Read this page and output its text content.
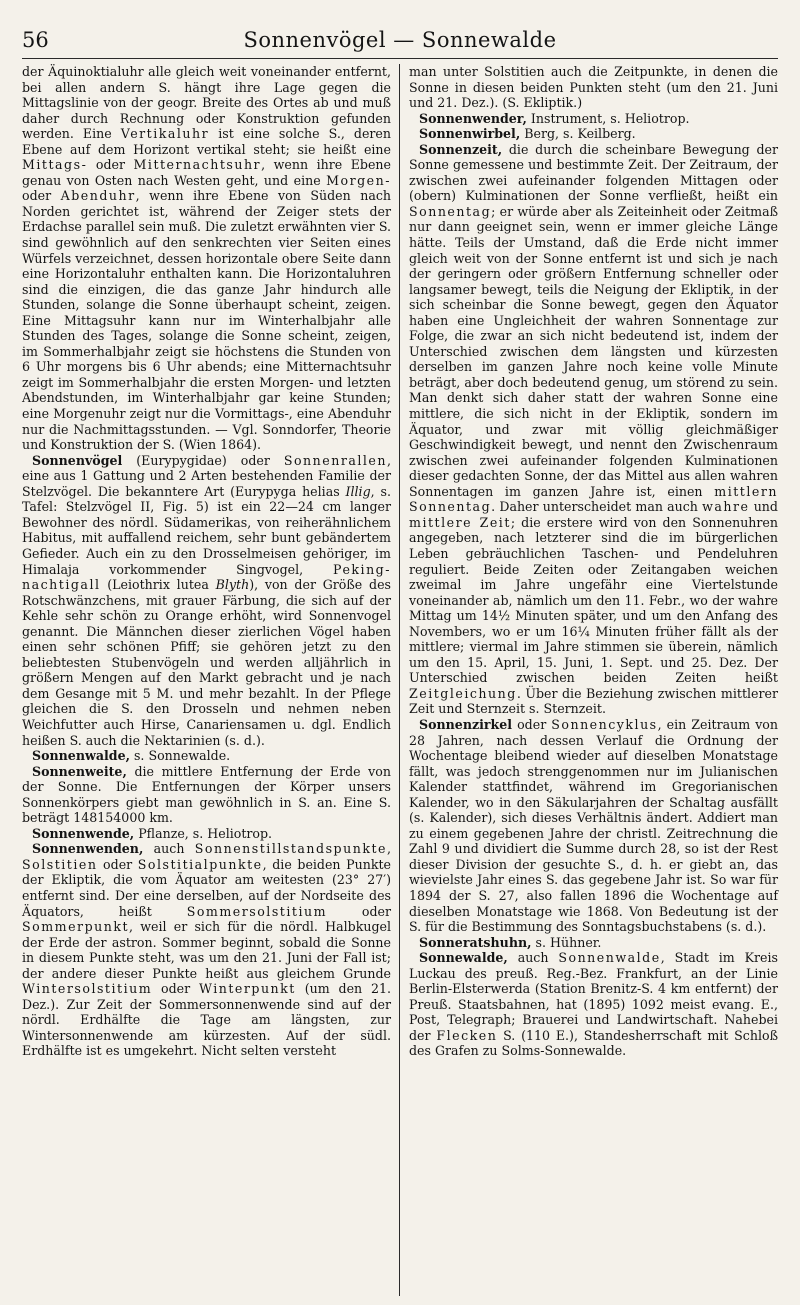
56	Sonnenvögel — Sonnewalde

der Äquinoktialuhr alle gleich weit voneinander entfernt, bei allen andern S. hängt ihre Lage gegen die Mittagslinie von der geogr. Breite des Ortes ab und muß daher durch Rechnung oder Konstruktion gefunden werden. Eine Vertikaluhr ist eine solche S., deren Ebene auf dem Horizont vertikal steht; sie heißt eine Mittags- oder Mitternachtsuhr, wenn ihre Ebene genau von Osten nach Westen geht, und eine Morgen- oder Abenduhr, wenn ihre Ebene von Süden nach Norden gerichtet ist, während der Zeiger stets der Erdachse parallel sein muß. Die zuletzt erwähnten vier S. sind gewöhnlich auf den senkrechten vier Seiten eines Würfels verzeichnet, dessen horizontale obere Seite dann eine Horizontaluhr enthalten kann. Die Horizontaluhren sind die einzigen, die das ganze Jahr hindurch alle Stunden, solange die Sonne überhaupt scheint, zeigen. Eine Mittagsuhr kann nur im Winterhalbjahr alle Stunden des Tages, solange die Sonne scheint, zeigen, im Sommerhalbjahr zeigt sie höchstens die Stunden von 6 Uhr morgens bis 6 Uhr abends; eine Mitternachtsuhr zeigt im Sommerhalbjahr die ersten Morgen- und letzten Abendstunden, im Winterhalbjahr gar keine Stunden; eine Morgenuhr zeigt nur die Vormittags-, eine Abenduhr nur die Nachmittagsstunden. — Vgl. Sonndorfer, Theorie und Konstruktion der S. (Wien 1864).

Sonnenvögel (Eurypygidae) oder Sonnenrallen, eine aus 1 Gattung und 2 Arten bestehenden Familie der Stelzvögel. Die bekanntere Art (Eurypyga helias Illig, s. Tafel: Stelzvögel II, Fig. 5) ist ein 22—24 cm langer Bewohner des nördl. Südamerikas, von reiherähnlichem Habitus, mit auffallend reichem, sehr bunt gebändertem Gefieder. Auch ein zu den Drosselmeisen gehöriger, im Himalaja vorkommender Singvogel, Peking-nachtigall (Leiothrix lutea Blyth), von der Größe des Rotschwänzchens, mit grauer Färbung, die sich auf der Kehle sehr schön zu Orange erhöht, wird Sonnenvogel genannt. Die Männchen dieser zierlichen Vögel haben einen sehr schönen Pfiff; sie gehören jetzt zu den beliebtesten Stubenvögeln und werden alljährlich in größern Mengen auf den Markt gebracht und je nach dem Gesange mit 5 M. und mehr bezahlt. In der Pflege gleichen die S. den Drosseln und nehmen neben Weichfutter auch Hirse, Canariensamen u. dgl. Endlich heißen S. auch die Nektarinien (s. d.).

Sonnenwalde, s. Sonnewalde.

Sonnenweite, die mittlere Entfernung der Erde von der Sonne. Die Entfernungen der Körper unsers Sonnenkörpers giebt man gewöhnlich in S. an. Eine S. beträgt 148154000 km.

Sonnenwende, Pflanze, s. Heliotrop.

Sonnenwenden, auch Sonnenstillstandspunkte, Solstitien oder Solstitialpunkte, die beiden Punkte der Ekliptik, die vom Äquator am weitesten (23° 27′) entfernt sind. Der eine derselben, auf der Nordseite des Äquators, heißt Sommersolstitium oder Sommerpunkt, weil er sich für die nördl. Halbkugel der Erde der astron. Sommer beginnt, sobald die Sonne in diesem Punkte steht, was um den 21. Juni der Fall ist; der andere dieser Punkte heißt aus gleichem Grunde Wintersolstitium oder Winterpunkt (um den 21. Dez.). Zur Zeit der Sommersonnenwende sind auf der nördl. Erdhälfte die Tage am längsten, zur Wintersonnenwende am kürzesten. Auf der südl. Erdhälfte ist es umgekehrt. Nicht selten versteht

man unter Solstitien auch die Zeitpunkte, in denen die Sonne in diesen beiden Punkten steht (um den 21. Juni und 21. Dez.). (S. Ekliptik.)

Sonnenwender, Instrument, s. Heliotrop.

Sonnenwirbel, Berg, s. Keilberg.

Sonnenzeit, die durch die scheinbare Bewegung der Sonne gemessene und bestimmte Zeit. Der Zeitraum, der zwischen zwei aufeinander folgenden Mittagen oder (obern) Kulminationen der Sonne verfließt, heißt ein Sonnentag; er würde aber als Zeiteinheit oder Zeitmaß nur dann geeignet sein, wenn er immer gleiche Länge hätte. Teils der Umstand, daß die Erde nicht immer gleich weit von der Sonne entfernt ist und sich je nach der geringern oder größern Entfernung schneller oder langsamer bewegt, teils die Neigung der Ekliptik, in der sich scheinbar die Sonne bewegt, gegen den Äquator haben eine Ungleichheit der wahren Sonnentage zur Folge, die zwar an sich nicht bedeutend ist, indem der Unterschied zwischen dem längsten und kürzesten derselben im ganzen Jahre noch keine volle Minute beträgt, aber doch bedeutend genug, um störend zu sein. Man denkt sich daher statt der wahren Sonne eine mittlere, die sich nicht in der Ekliptik, sondern im Äquator, und zwar mit völlig gleichmäßiger Geschwindigkeit bewegt, und nennt den Zwischenraum zwischen zwei aufeinander folgenden Kulminationen dieser gedachten Sonne, der das Mittel aus allen wahren Sonnentagen im ganzen Jahre ist, einen mittlern Sonnentag. Daher unterscheidet man auch wahre und mittlere Zeit; die erstere wird von den Sonnenuhren angegeben, nach letzterer sind die im bürgerlichen Leben gebräuchlichen Taschen- und Pendeluhren reguliert. Beide Zeiten oder Zeitangaben weichen zweimal im Jahre ungefähr eine Viertelstunde voneinander ab, nämlich um den 11. Febr., wo der wahre Mittag um 14½ Minuten später, und um den Anfang des Novembers, wo er um 16¼ Minuten früher fällt als der mittlere; viermal im Jahre stimmen sie überein, nämlich um den 15. April, 15. Juni, 1. Sept. und 25. Dez. Der Unterschied zwischen beiden Zeiten heißt Zeitgleichung. Über die Beziehung zwischen mittlerer Zeit und Sternzeit s. Sternzeit.

Sonnenzirkel oder Sonnencyklus, ein Zeitraum von 28 Jahren, nach dessen Verlauf die Ordnung der Wochentage bleibend wieder auf dieselben Monatstage fällt, was jedoch strenggenommen nur im Julianischen Kalender stattfindet, während im Gregorianischen Kalender, wo in den Säkularjahren der Schaltag ausfällt (s. Kalender), sich dieses Verhältnis ändert. Addiert man zu einem gegebenen Jahre der christl. Zeitrechnung die Zahl 9 und dividiert die Summe durch 28, so ist der Rest dieser Division der gesuchte S., d. h. er giebt an, das wievielste Jahr eines S. das gegebene Jahr ist. So war für 1894 der S. 27, also fallen 1896 die Wochentage auf dieselben Monatstage wie 1868. Von Bedeutung ist der S. für die Bestimmung des Sonntagsbuchstabens (s. d.).

Sonneratshuhn, s. Hühner.

Sonnewalde, auch Sonnenwalde, Stadt im Kreis Luckau des preuß. Reg.-Bez. Frankfurt, an der Linie Berlin-Elsterwerda (Station Brenitz-S. 4 km entfernt) der Preuß. Staatsbahnen, hat (1895) 1092 meist evang. E., Post, Telegraph; Brauerei und Landwirtschaft. Nahebei der Flecken S. (110 E.), Standesherrschaft mit Schloß des Grafen zu Solms-Sonnewalde.
